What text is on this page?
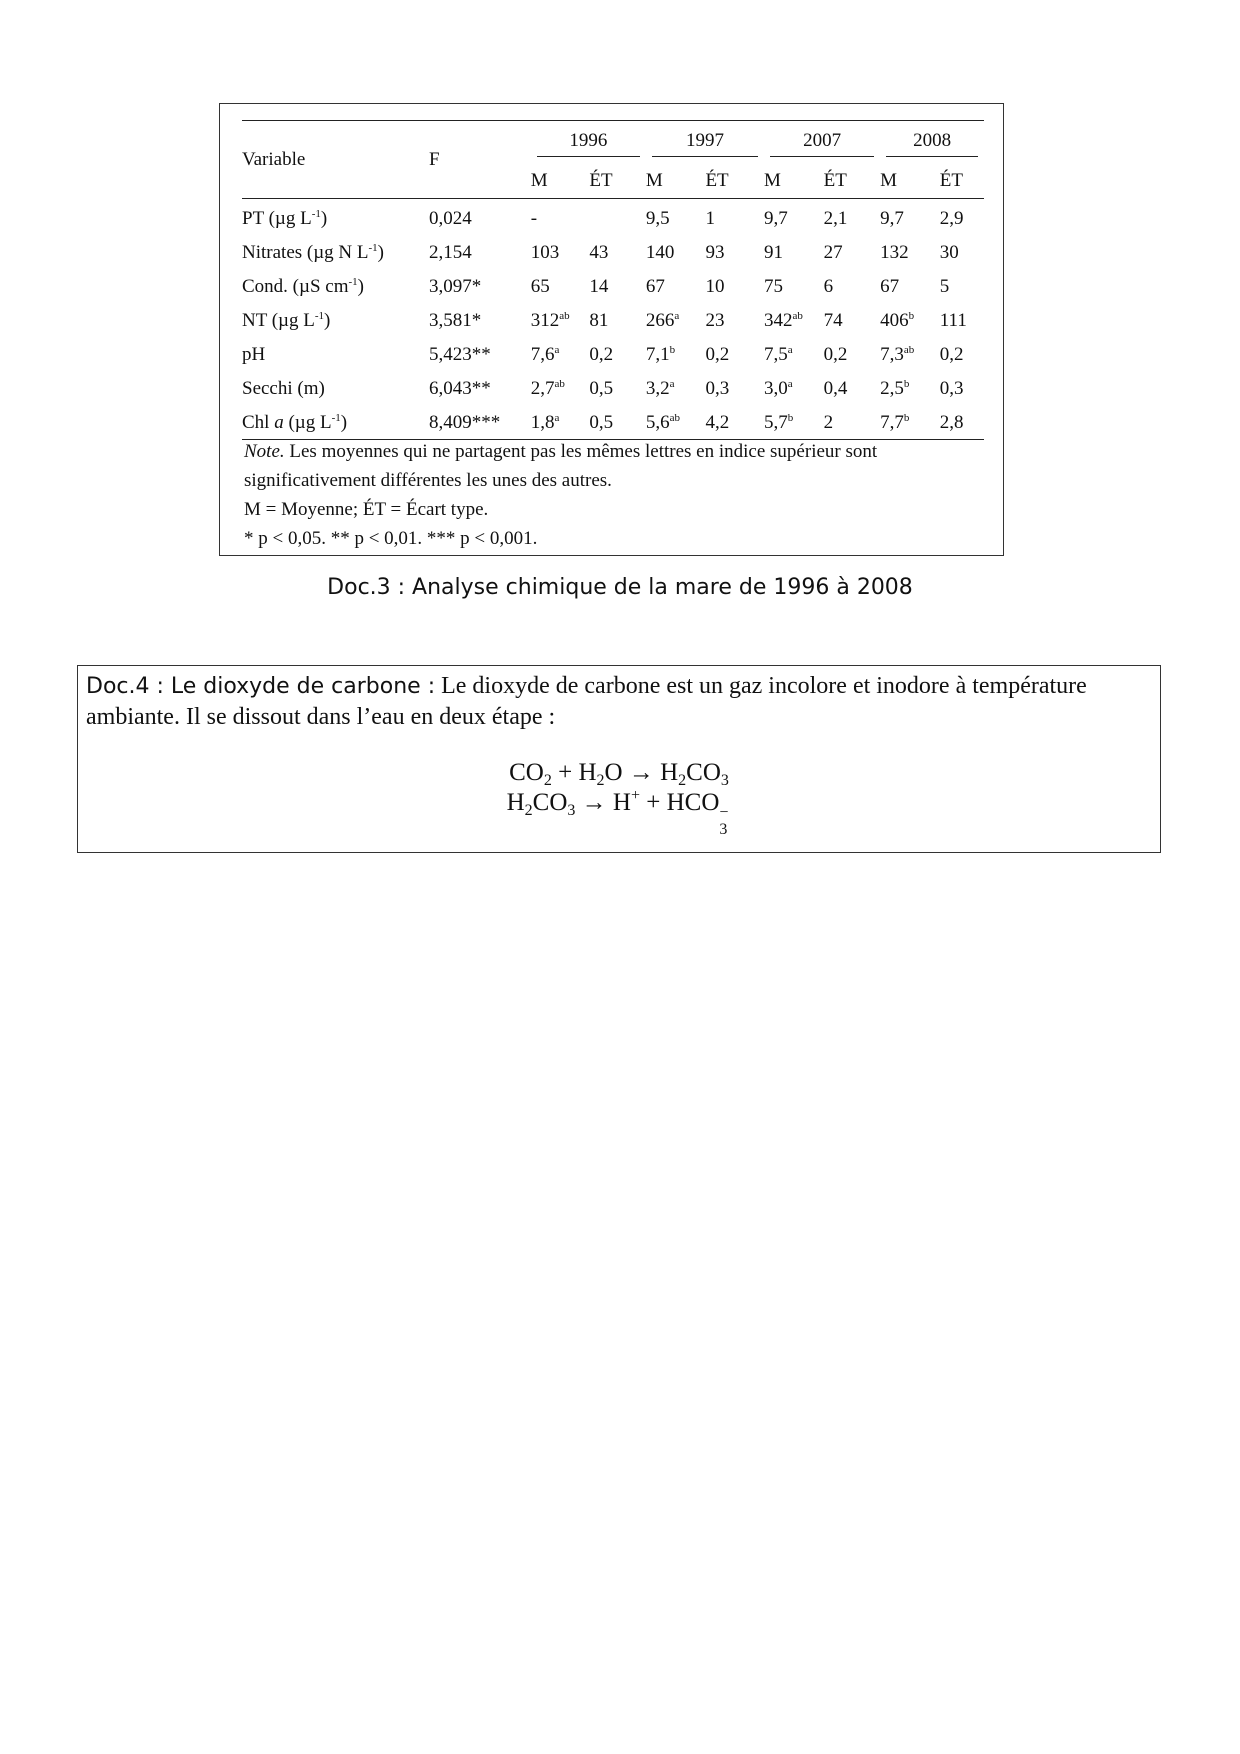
Variable	F	1996		1997		2007		2008	

		M	ÉT	M	ÉT	M	ÉT	M	ÉT
PT (µg $L^{-1}$)	0,024	-		9,5	1	9,7	2,1	9,7	2,9
Nitrates (µg N $L^{-1}$)	2,154	103	43	140	93	91	27	132	30
Cond. (µS $cm^{-1}$)	3,097*	65	14	67	10	75	6	67	5
NT (µg $L^{-1}$)	3,581*	$312^{ab}$	81	266$^a$	23	$342^{ab}$	74	406$^b$	111
pH	5,423**	7,6$^a$	0,2	7,1$^b$	0,2	7,5$^a$	0,2	7,3$^{ab}$	0,2
Secchi (m)	6,043**	2,7$^{ab}$	0,5	3,2$^a$	0,3	3,0$^a$	0,4	2,5$^b$	0,3
Chl a (µg $L^{-1}$)	8,409***	1,8$^a$	0,5	5,6$^{ab}$	4,2	5,7$^b$	2	7,7$^b$	2,8

Note. Les moyennes qui ne partagent pas les mêmes lettres en indice supérieur sont

significativement différentes les unes des autres.

M = Moyenne; ÉT = Écart type.

* p < 0,05. ** p < 0,01. *** p < 0,001.

Doc.3 : Analyse chimique de la mare de 1996 à 2008
Doc.4 : Le dioxyde de carbone : Le dioxyde de carbone est un gaz incolore et inodore à température ambiante. Il se dissout dans l’eau en deux étape :
$CO_2 + H_2O \to H_2CO_3$
$H_2CO_3 \to H^+$ + HCO −
3
